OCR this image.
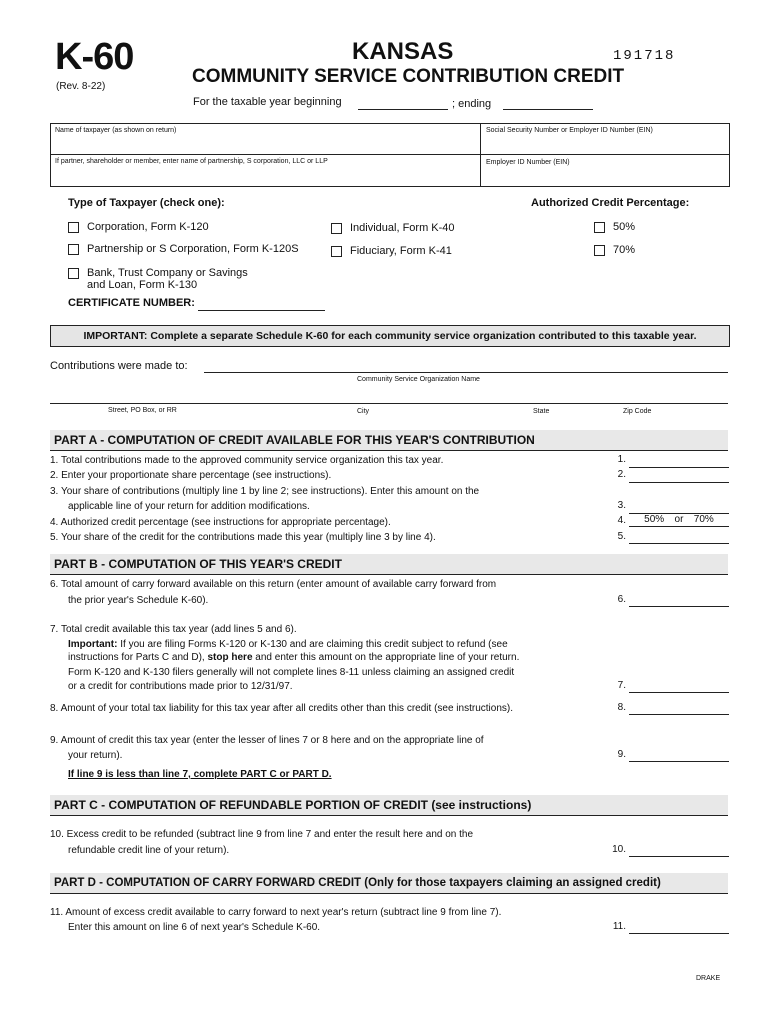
K-60
(Rev. 8-22)
KANSAS	191718
COMMUNITY SERVICE CONTRIBUTION CREDIT
For the taxable year beginning	; ending
Name of taxpayer (as shown on return)	Social Security Number or Employer ID Number (EIN)
If partner, shareholder or member, enter name of partnership, S corporation, LLC or LLP	Employer ID Number (EIN)
Type of Taxpayer (check one):
Corporation, Form K-120
Partnership or S Corporation, Form K-120S
Bank, Trust Company or Savings
and Loan, Form K-130
Individual, Form K-40
Fiduciary, Form K-41
Authorized Credit Percentage:
50%
70%
CERTIFICATE NUMBER:
IMPORTANT: Complete a separate Schedule K-60 for each community service organization contributed to this taxable year.
Contributions were made to:
Community Service Organization Name
Street, PO Box, or RR	City	State	Zip Code
PART A - COMPUTATION OF CREDIT AVAILABLE FOR THIS YEAR'S CONTRIBUTION
1. Total contributions made to the approved community service organization this tax year.
2. Enter your proportionate share percentage (see instructions).
3. Your share of contributions (multiply line 1 by line 2; see instructions). Enter this amount on the
applicable line of your return for addition modifications.
4. Authorized credit percentage (see instructions for appropriate percentage).
5. Your share of the credit for the contributions made this year (multiply line 3 by line 4).
1.
2.
3.
4. 50% or 70%
5.
PART B - COMPUTATION OF THIS YEAR'S CREDIT
6. Total amount of carry forward available on this return (enter amount of available carry forward from
the prior year's Schedule K-60).	6.
7. Total credit available this tax year (add lines 5 and 6).
Important: If you are filing Forms K-120 or K-130 and are claiming this credit subject to refund (see
instructions for Parts C and D), stop here and enter this amount on the appropriate line of your return.
Form K-120 and K-130 filers generally will not complete lines 8-11 unless claiming an assigned credit
or a credit for contributions made prior to 12/31/97.	7.
8. Amount of your total tax liability for this tax year after all credits other than this credit (see instructions).	8.
9. Amount of credit this tax year (enter the lesser of lines 7 or 8 here and on the appropriate line of
your return).	9.
If line 9 is less than line 7, complete PART C or PART D.
PART C - COMPUTATION OF REFUNDABLE PORTION OF CREDIT (see instructions)
10. Excess credit to be refunded (subtract line 9 from line 7 and enter the result here and on the
refundable credit line of your return).	10.
PART D - COMPUTATION OF CARRY FORWARD CREDIT (Only for those taxpayers claiming an assigned credit)
11. Amount of excess credit available to carry forward to next year's return (subtract line 9 from line 7).
Enter this amount on line 6 of next year's Schedule K-60.	11.
DRAKE
